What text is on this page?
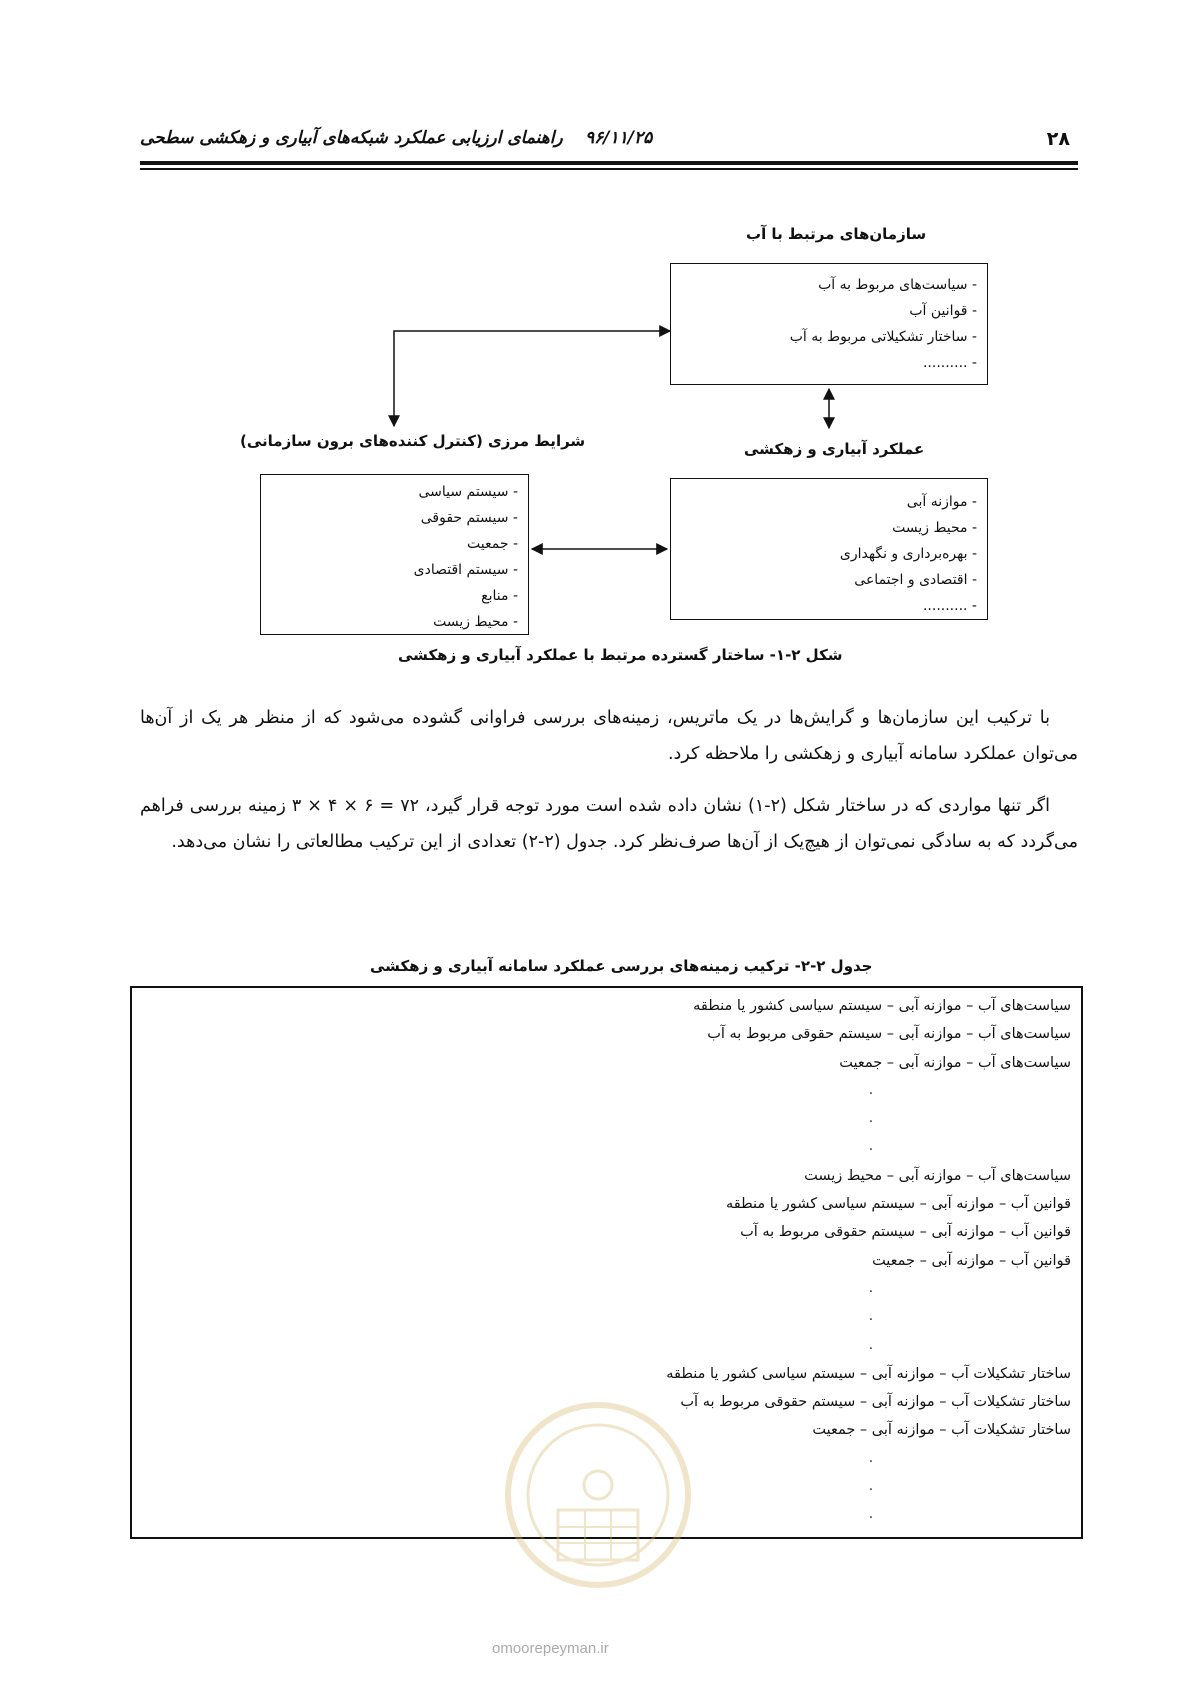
۲۸
۹۶/۱۱/۲۵
راهنمای ارزیابی عملکرد شبکه‌های آبیاری و زهکشی سطحی
سازمان‌های مرتبط با آب
- سیاست‌های مربوط به آب
- قوانین آب
- ساختار تشکیلاتی مربوط به آب
- ..........
عملکرد آبیاری و زهکشی
- موازنه آبی
- محیط زیست
- بهره‌برداری و نگهداری
- اقتصادی و اجتماعی
- ..........
شرایط مرزی (کنترل کننده‌های برون سازمانی)
- سیستم سیاسی
- سیستم حقوقی
- جمعیت
- سیستم اقتصادی
- منابع
- محیط زیست
شکل ۲-۱- ساختار گسترده مرتبط با عملکرد آبیاری و زهکشی
با ترکیب این سازمان‌ها و گرایش‌ها در یک ماتریس، زمینه‌های بررسی فراوانی گشوده می‌شود که از منظر هر یک از آن‌ها می‌توان عملکرد سامانه آبیاری و زهکشی را ملاحظه کرد.
اگر تنها مواردی که در ساختار شکل (۲-۱) نشان داده شده است مورد توجه قرار گیرد، ۷۲ = ۶ × ۴ × ۳ زمینه بررسی فراهم می‌گردد که به سادگی نمی‌توان از هیچ‌یک از آن‌ها صرف‌نظر کرد. جدول (۲-۲) تعدادی از این ترکیب مطالعاتی را نشان می‌دهد.
جدول ۲-۲- ترکیب زمینه‌های بررسی عملکرد سامانه آبیاری و زهکشی
سیاست‌های آب – موازنه آبی – سیستم سیاسی کشور یا منطقه
سیاست‌های آب – موازنه آبی – سیستم حقوقی مربوط به آب
سیاست‌های آب – موازنه آبی – جمعیت
.
.
.
سیاست‌های آب – موازنه آبی – محیط زیست
قوانین آب – موازنه آبی – سیستم سیاسی کشور یا منطقه
قوانین آب – موازنه آبی – سیستم حقوقی مربوط به آب
قوانین آب – موازنه آبی – جمعیت
.
.
.
ساختار تشکیلات آب – موازنه آبی – سیستم سیاسی کشور یا منطقه
ساختار تشکیلات آب – موازنه آبی – سیستم حقوقی مربوط به آب
ساختار تشکیلات آب – موازنه آبی – جمعیت
.
.
.
omoorepeyman.ir
